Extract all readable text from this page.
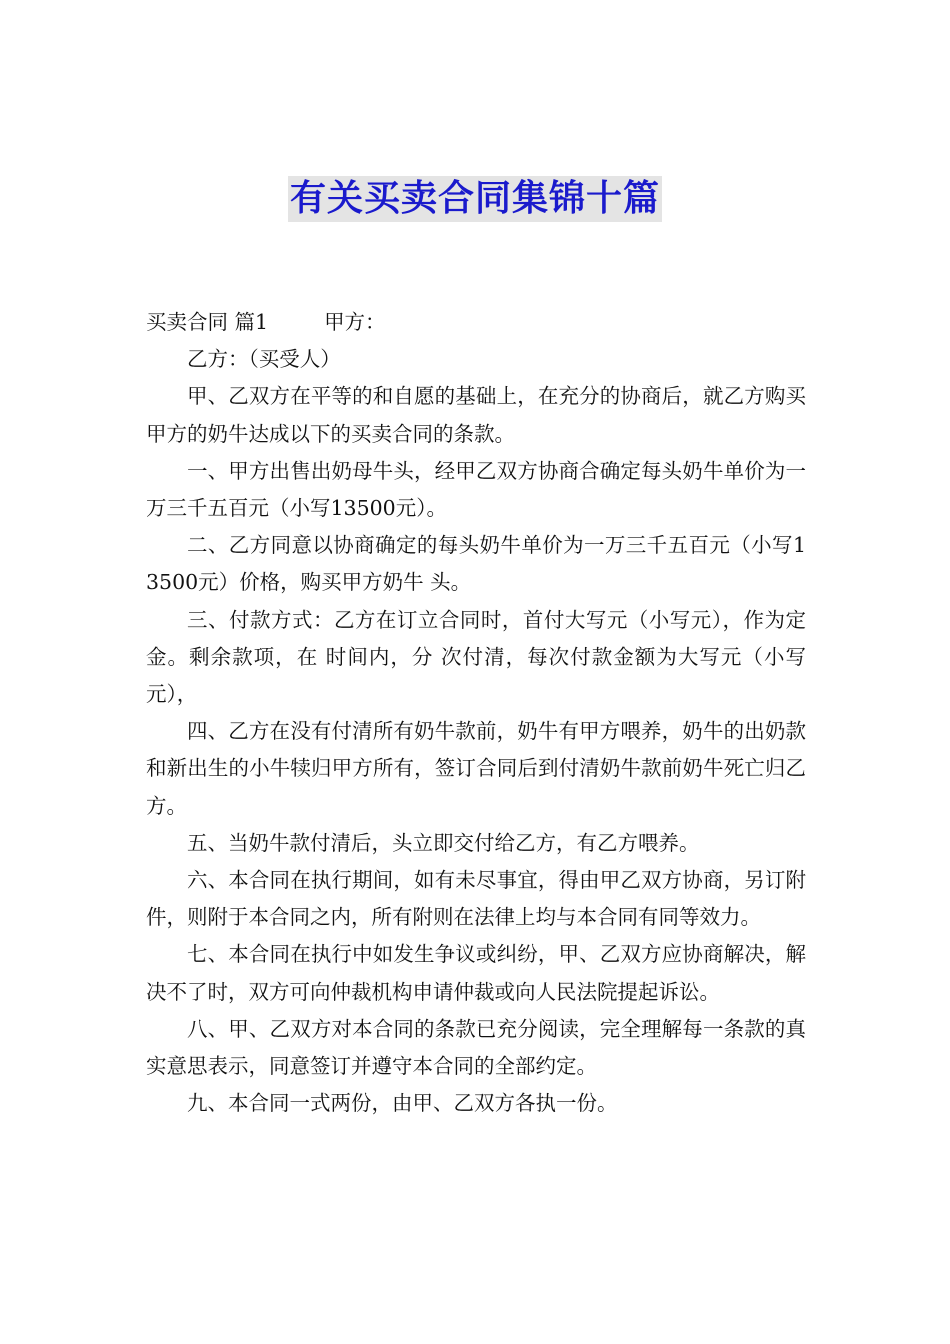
有关买卖合同集锦十篇

买卖合同 篇1	甲方：

乙方：（买受人）

甲、乙双方在平等的和自愿的基础上，在充分的协商后，就乙方购买甲方的奶牛达成以下的买卖合同的条款。

一、甲方出售出奶母牛头，经甲乙双方协商合确定每头奶牛单价为一万三千五百元（小写13500元）。

二、乙方同意以协商确定的每头奶牛单价为一万三千五百元（小写13500元）价格，购买甲方奶牛 头。

三、付款方式：乙方在订立合同时，首付大写元（小写元），作为定金。剩余款项，在 时间内，分 次付清，每次付款金额为大写元（小写 元），

四、乙方在没有付清所有奶牛款前，奶牛有甲方喂养，奶牛的出奶款和新出生的小牛犊归甲方所有，签订合同后到付清奶牛款前奶牛死亡归乙方。

五、当奶牛款付清后，头立即交付给乙方，有乙方喂养。

六、本合同在执行期间，如有未尽事宜，得由甲乙双方协商，另订附件，则附于本合同之内，所有附则在法律上均与本合同有同等效力。

七、本合同在执行中如发生争议或纠纷，甲、乙双方应协商解决，解决不了时，双方可向仲裁机构申请仲裁或向人民法院提起诉讼。

八、甲、乙双方对本合同的条款已充分阅读，完全理解每一条款的真实意思表示，同意签订并遵守本合同的全部约定。

九、本合同一式两份，由甲、乙双方各执一份。
